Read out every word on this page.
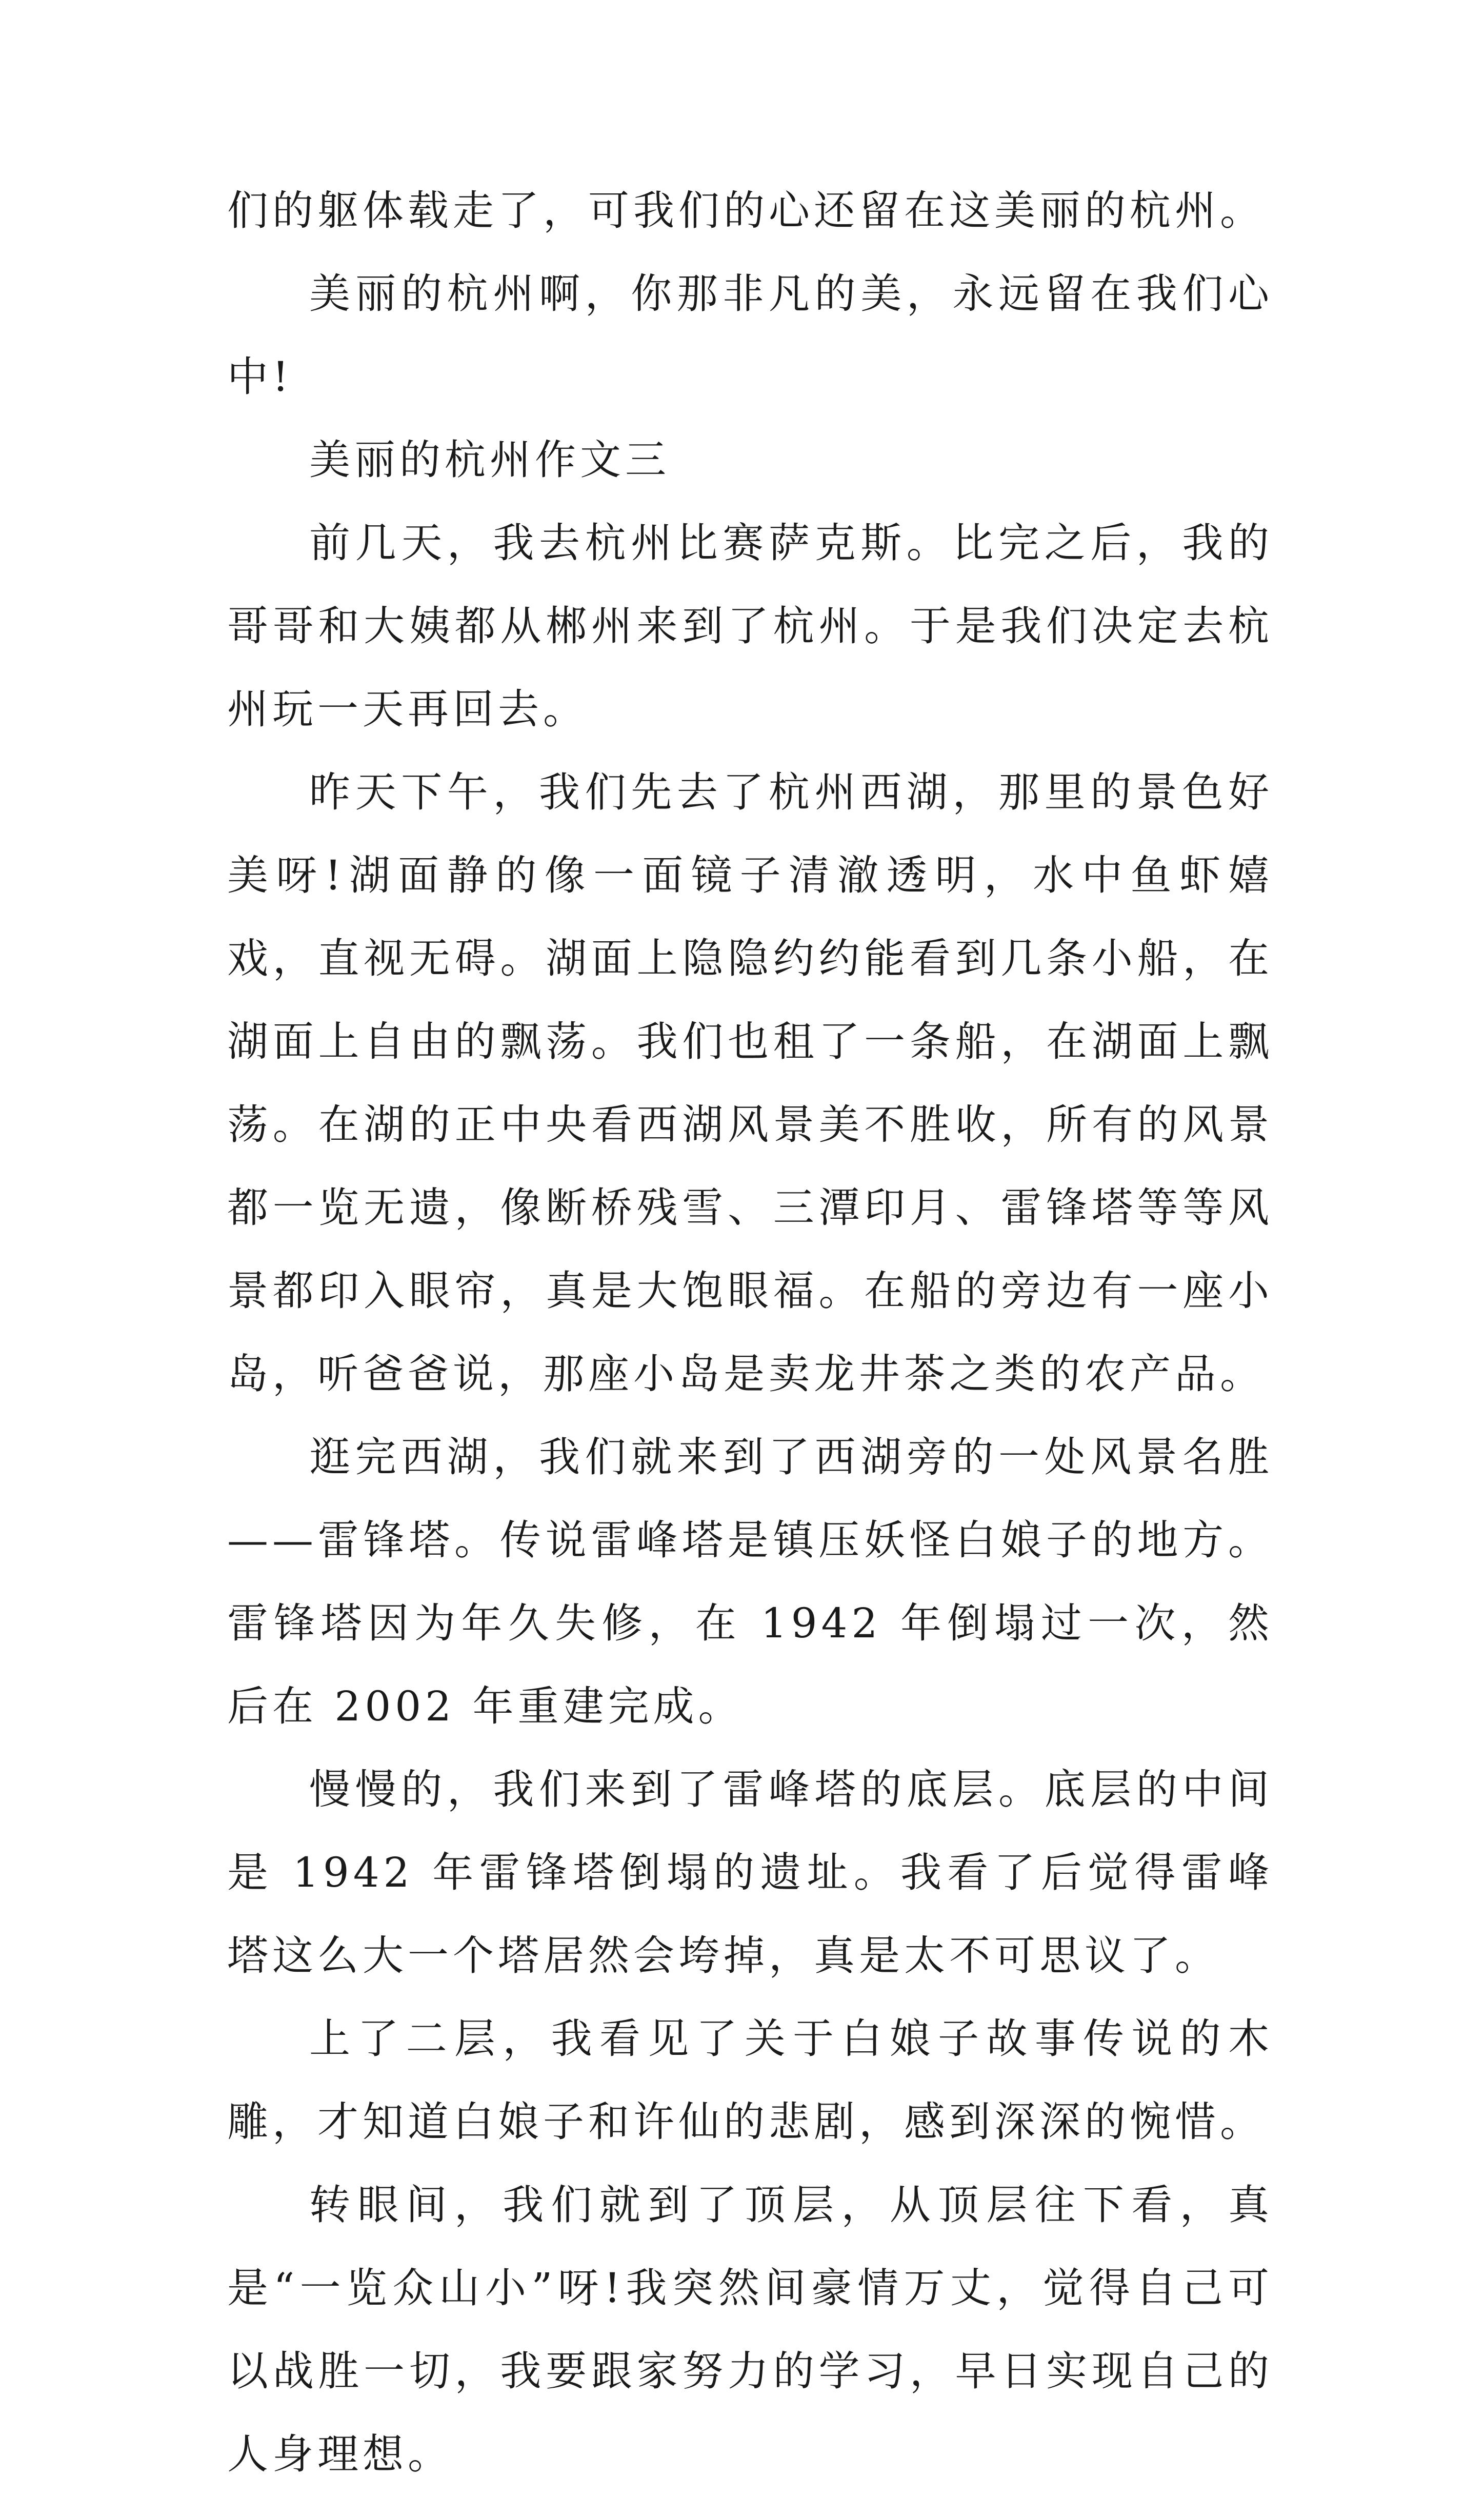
们的躯体载走了，可我们的心还留在这美丽的杭州。

美丽的杭州啊，你那非凡的美，永远留在我们心中!

美丽的杭州作文三

前几天，我去杭州比赛萨克斯。比完之后，我的哥哥和大姨都从郴州来到了杭州。于是我们决定去杭州玩一天再回去。

昨天下午，我们先去了杭州西湖，那里的景色好美呀!湖面静的像一面镜子清澈透明，水中鱼虾嬉戏，直视无碍。湖面上隐隐约约能看到几条小船，在湖面上自由的飘荡。我们也租了一条船，在湖面上飘荡。在湖的正中央看西湖风景美不胜收，所有的风景都一览无遗，像断桥残雪、三潭印月、雷锋塔等等风景都印入眼帘，真是大饱眼福。在船的旁边有一座小岛，听爸爸说，那座小岛是卖龙井茶之类的农产品。

逛完西湖，我们就来到了西湖旁的一处风景名胜——雷锋塔。传说雷峰塔是镇压妖怪白娘子的地方。雷锋塔因为年久失修，在 1942 年倒塌过一次，然后在 2002 年重建完成。

慢慢的，我们来到了雷峰塔的底层。底层的中间是 1942 年雷锋塔倒塌的遗址。我看了后觉得雷峰塔这么大一个塔居然会垮掉，真是太不可思议了。

上了二层，我看见了关于白娘子故事传说的木雕，才知道白娘子和许仙的悲剧，感到深深的惋惜。

转眼间，我们就到了顶层，从顶层往下看，真是“一览众山小”呀!我突然间豪情万丈，觉得自己可以战胜一切，我要跟家努力的学习，早日实现自己的人身理想。
